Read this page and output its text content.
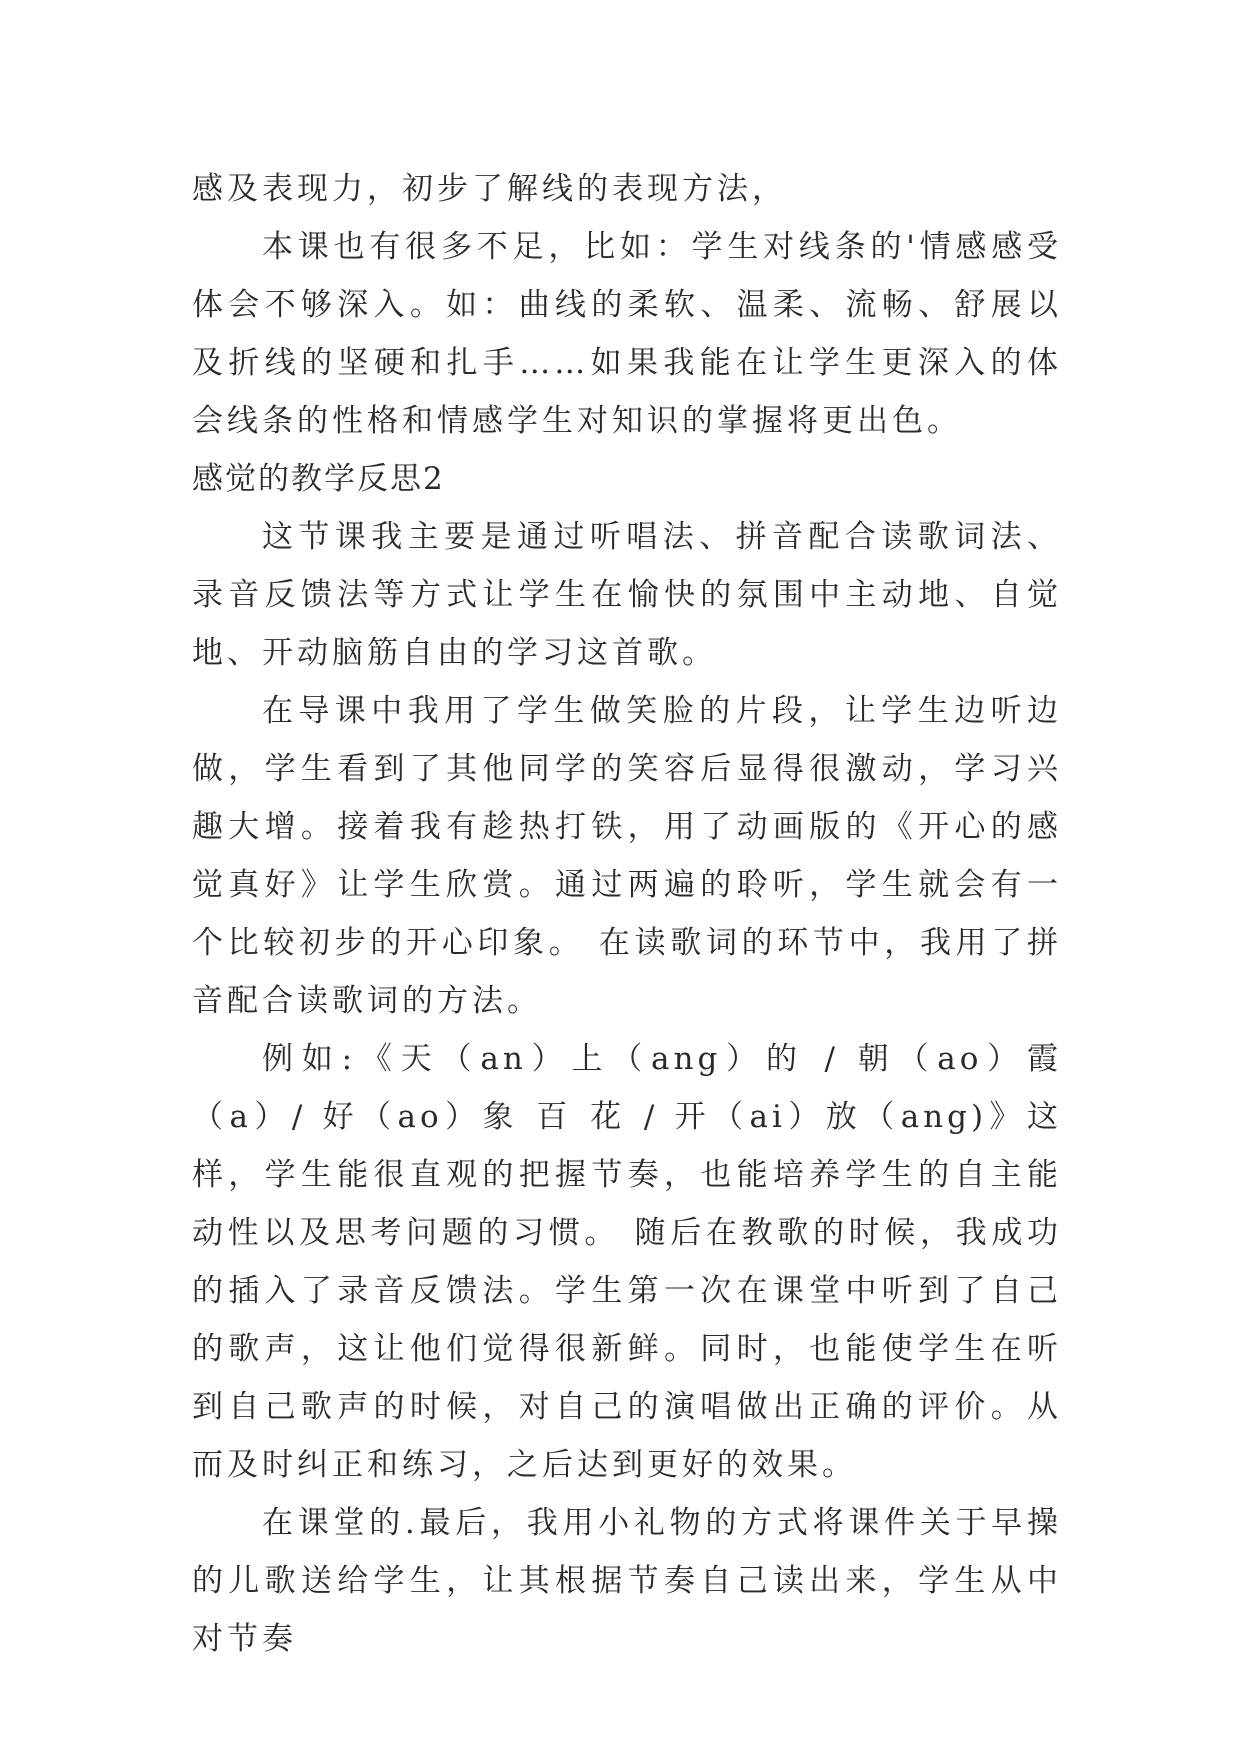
感及表现力，初步了解线的表现方法，

本课也有很多不足，比如：学生对线条的'情感感受体会不够深入。如：曲线的柔软、温柔、流畅、舒展以及折线的坚硬和扎手……如果我能在让学生更深入的体会线条的性格和情感学生对知识的掌握将更出色。

感觉的教学反思2

这节课我主要是通过听唱法、拼音配合读歌词法、录音反馈法等方式让学生在愉快的氛围中主动地、自觉地、开动脑筋自由的学习这首歌。

在导课中我用了学生做笑脸的片段，让学生边听边做，学生看到了其他同学的笑容后显得很激动，学习兴趣大增。接着我有趁热打铁，用了动画版的《开心的感觉真好》让学生欣赏。通过两遍的聆听，学生就会有一个比较初步的开心印象。 在读歌词的环节中，我用了拼音配合读歌词的方法。

例如:《天（an）上（ang）的 / 朝（ao）霞（a）/ 好（ao）象 百 花 / 开（ai）放（ang)》这样，学生能很直观的把握节奏，也能培养学生的自主能动性以及思考问题的习惯。 随后在教歌的时候，我成功的插入了录音反馈法。学生第一次在课堂中听到了自己的歌声，这让他们觉得很新鲜。同时，也能使学生在听到自己歌声的时候，对自己的演唱做出正确的评价。从而及时纠正和练习，之后达到更好的效果。

在课堂的.最后，我用小礼物的方式将课件关于早操的儿歌送给学生，让其根据节奏自己读出来，学生从中对节奏
